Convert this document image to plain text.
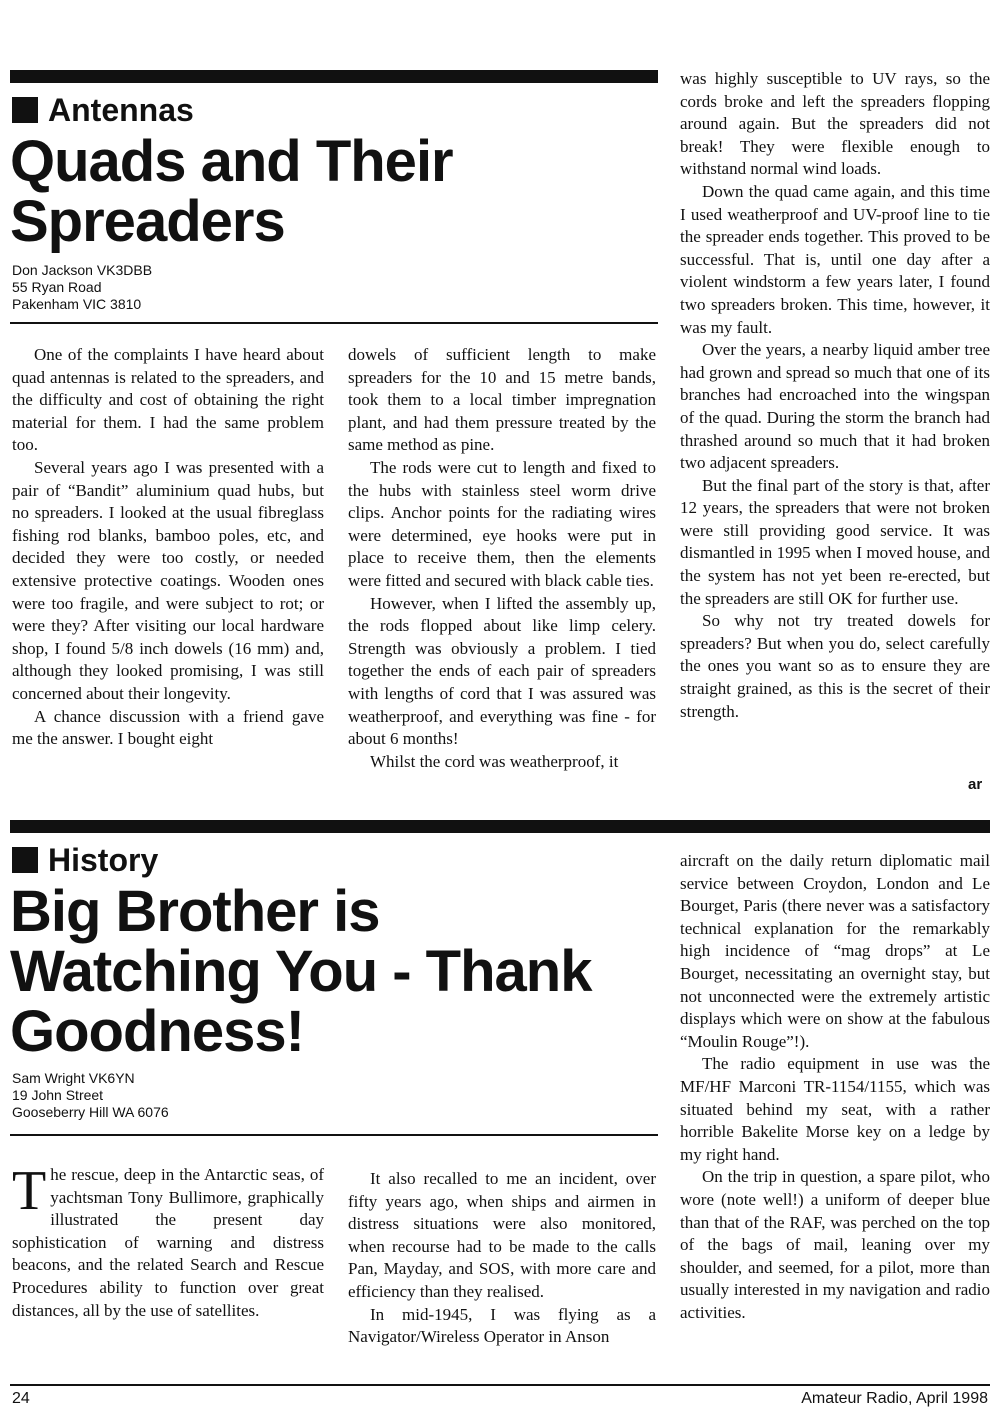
Antennas
Quads and Their
Spreaders
Don Jackson VK3DBB
55 Ryan Road
Pakenham VIC 3810

One of the complaints I have heard about quad antennas is related to the spreaders, and the difficulty and cost of obtaining the right material for them. I had the same problem too.

Several years ago I was presented with a pair of “Bandit” aluminium quad hubs, but no spreaders. I looked at the usual fibreglass fishing rod blanks, bamboo poles, etc, and decided they were too costly, or needed extensive protective coatings. Wooden ones were too fragile, and were subject to rot; or were they? After visiting our local hardware shop, I found 5/8 inch dowels (16 mm) and, although they looked promising, I was still concerned about their longevity.

A chance discussion with a friend gave me the answer. I bought eight

dowels of sufficient length to make spreaders for the 10 and 15 metre bands, took them to a local timber impregnation plant, and had them pressure treated by the same method as pine.

The rods were cut to length and fixed to the hubs with stainless steel worm drive clips. Anchor points for the radiating wires were determined, eye hooks were put in place to receive them, then the elements were fitted and secured with black cable ties.

However, when I lifted the assembly up, the rods flopped about like limp celery. Strength was obviously a problem. I tied together the ends of each pair of spreaders with lengths of cord that I was assured was weatherproof, and everything was fine - for about 6 months!

Whilst the cord was weatherproof, it

was highly susceptible to UV rays, so the cords broke and left the spreaders flopping around again. But the spreaders did not break! They were flexible enough to withstand normal wind loads.

Down the quad came again, and this time I used weatherproof and UV-proof line to tie the spreader ends together. This proved to be successful. That is, until one day after a violent windstorm a few years later, I found two spreaders broken. This time, however, it was my fault.

Over the years, a nearby liquid amber tree had grown and spread so much that one of its branches had encroached into the wingspan of the quad. During the storm the branch had thrashed around so much that it had broken two adjacent spreaders.

But the final part of the story is that, after 12 years, the spreaders that were not broken were still providing good service. It was dismantled in 1995 when I moved house, and the system has not yet been re-erected, but the spreaders are still OK for further use.

So why not try treated dowels for spreaders? But when you do, select carefully the ones you want so as to ensure they are straight grained, as this is the secret of their strength.

ar
History
Big Brother is
Watching You - Thank
Goodness!
Sam Wright VK6YN
19 John Street
Gooseberry Hill WA 6076

The rescue, deep in the Antarctic seas, of yachtsman Tony Bullimore, graphically illustrated the present day sophistication of warning and distress beacons, and the related Search and Rescue Procedures ability to function over great distances, all by the use of satellites.

It also recalled to me an incident, over fifty years ago, when ships and airmen in distress situations were also monitored, when recourse had to be made to the calls Pan, Mayday, and SOS, with more care and efficiency than they realised.

In mid-1945, I was flying as a Navigator/Wireless Operator in Anson

aircraft on the daily return diplomatic mail service between Croydon, London and Le Bourget, Paris (there never was a satisfactory technical explanation for the remarkably high incidence of “mag drops” at Le Bourget, necessitating an overnight stay, but not unconnected were the extremely artistic displays which were on show at the fabulous “Moulin Rouge”!).

The radio equipment in use was the MF/HF Marconi TR-1154/1155, which was situated behind my seat, with a rather horrible Bakelite Morse key on a ledge by my right hand.

On the trip in question, a spare pilot, who wore (note well!) a uniform of deeper blue than that of the RAF, was perched on the top of the bags of mail, leaning over my shoulder, and seemed, for a pilot, more than usually interested in my navigation and radio activities.

24	Amateur Radio, April 1998
